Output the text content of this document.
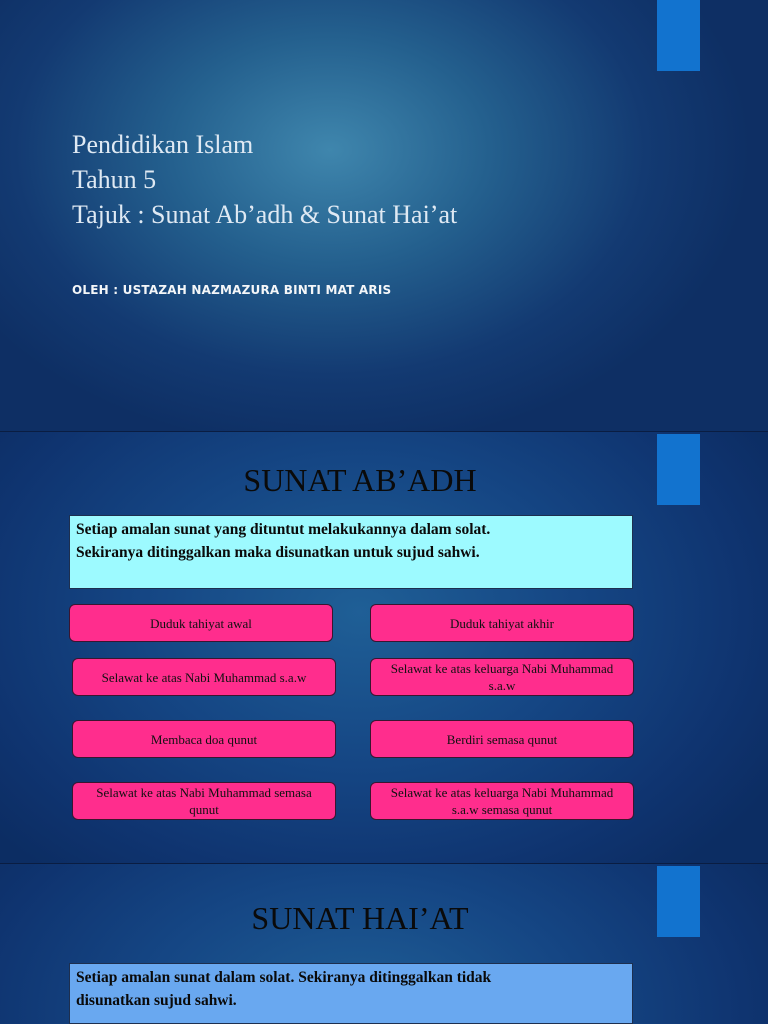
Pendidikan Islam
Tahun 5
Tajuk : Sunat Ab’adh & Sunat Hai’at
OLEH : USTAZAH NAZMAZURA BINTI MAT ARIS
SUNAT AB’ADH
Setiap amalan sunat yang dituntut melakukannya dalam solat.
Sekiranya ditinggalkan maka disunatkan untuk sujud sahwi.
Duduk tahiyat awal	Duduk tahiyat akhir
Selawat ke atas Nabi Muhammad s.a.w
Selawat ke atas keluarga Nabi Muhammad s.a.w
Membaca doa qunut	Berdiri semasa qunut
Selawat ke atas Nabi Muhammad semasa qunut
Selawat ke atas keluarga Nabi Muhammad s.a.w semasa qunut
SUNAT HAI’AT
Setiap amalan sunat dalam solat. Sekiranya ditinggalkan tidak
disunatkan sujud sahwi.
